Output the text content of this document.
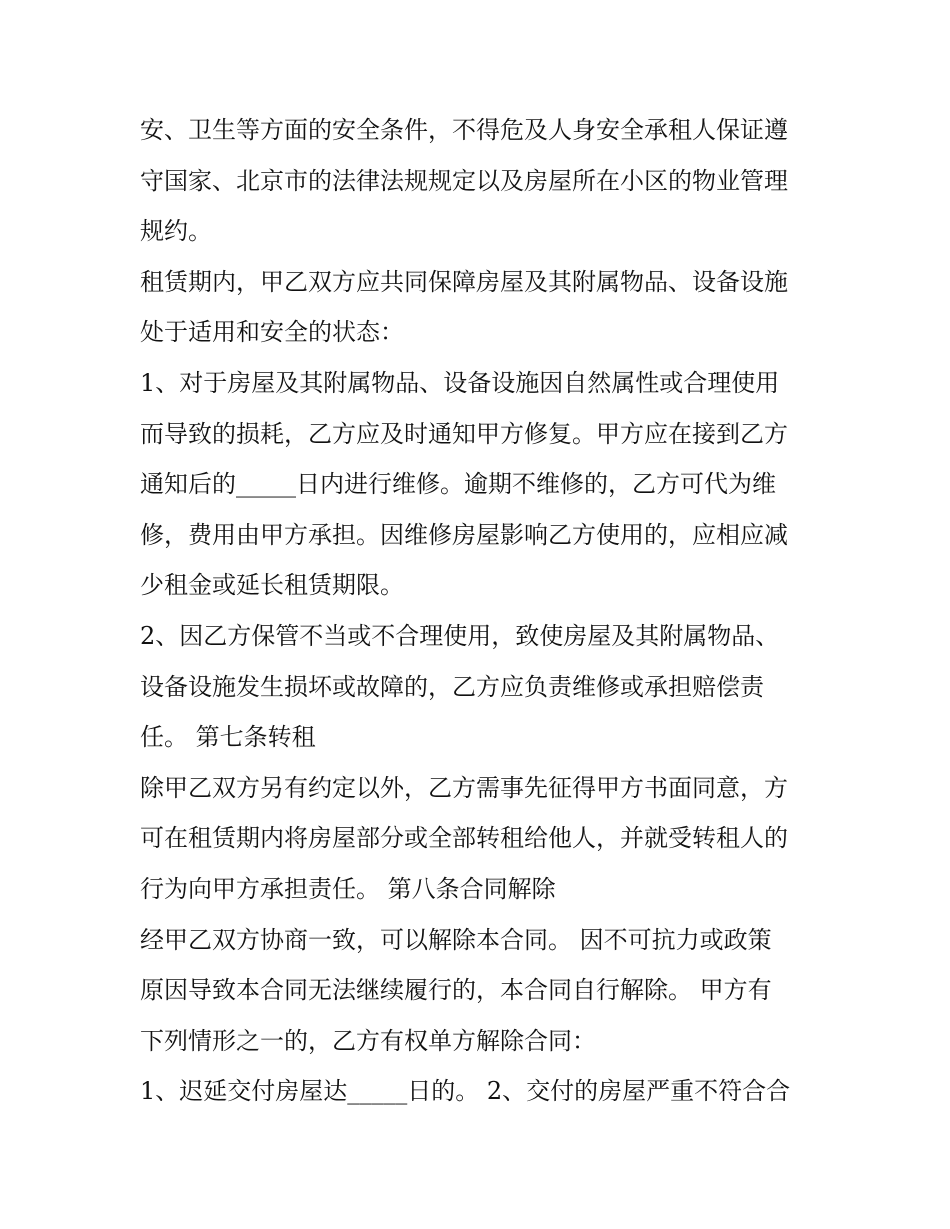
安、卫生等方面的安全条件，不得危及人身安全承租人保证遵
守国家、北京市的法律法规规定以及房屋所在小区的物业管理
规约。
租赁期内，甲乙双方应共同保障房屋及其附属物品、设备设施
处于适用和安全的状态：
1、对于房屋及其附属物品、设备设施因自然属性或合理使用
而导致的损耗，乙方应及时通知甲方修复。甲方应在接到乙方
通知后的_____日内进行维修。逾期不维修的，乙方可代为维
修，费用由甲方承担。因维修房屋影响乙方使用的，应相应减
少租金或延长租赁期限。
2、因乙方保管不当或不合理使用，致使房屋及其附属物品、
设备设施发生损坏或故障的，乙方应负责维修或承担赔偿责
任。 第七条转租
除甲乙双方另有约定以外，乙方需事先征得甲方书面同意，方
可在租赁期内将房屋部分或全部转租给他人，并就受转租人的
行为向甲方承担责任。 第八条合同解除
经甲乙双方协商一致，可以解除本合同。 因不可抗力或政策
原因导致本合同无法继续履行的，本合同自行解除。 甲方有
下列情形之一的，乙方有权单方解除合同：
1、迟延交付房屋达_____日的。 2、交付的房屋严重不符合合
